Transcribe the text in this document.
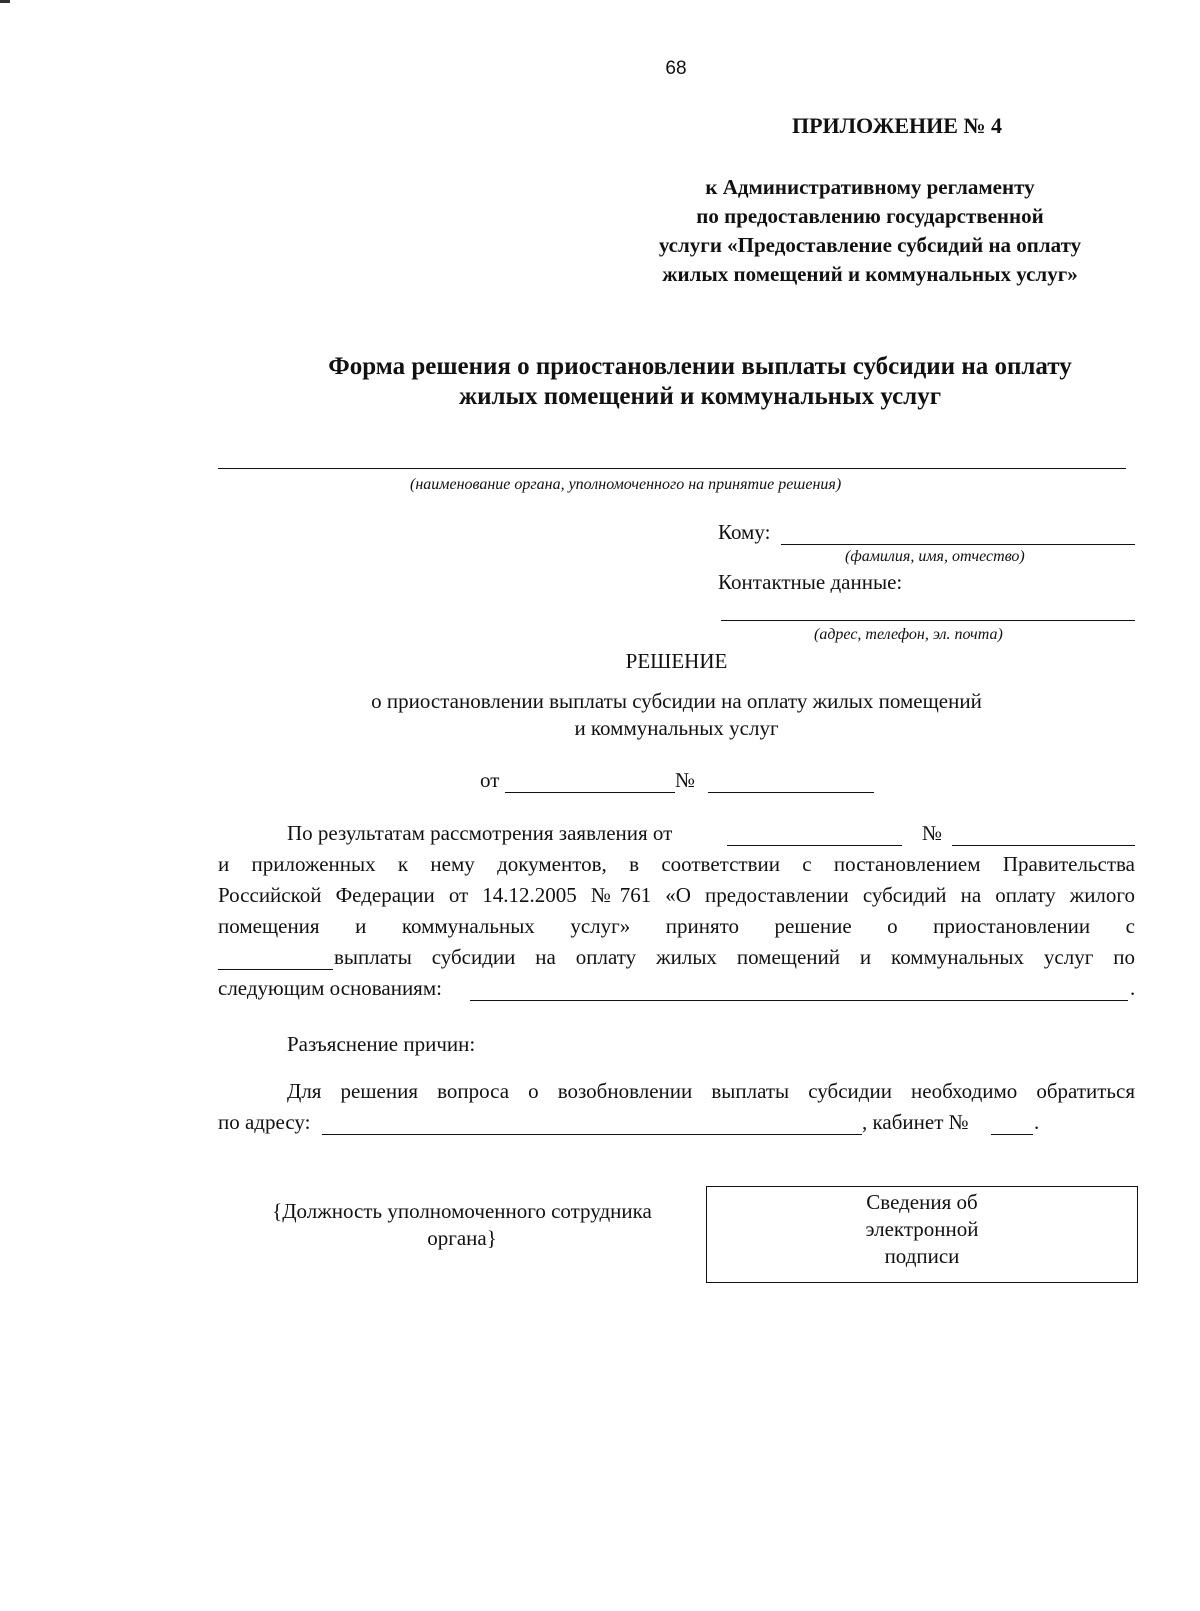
68
ПРИЛОЖЕНИЕ № 4
к Административному регламенту
по предоставлению государственной
услуги «Предоставление субсидий на оплату
жилых помещений и коммунальных услуг»
Форма решения о приостановлении выплаты субсидии на оплату
жилых помещений и коммунальных услуг
(наименование органа, уполномоченного на принятие решения)
Кому:
(фамилия, имя, отчество)
Контактные данные:
(адрес, телефон, эл. почта)
РЕШЕНИЕ
о приостановлении выплаты субсидии на оплату жилых помещений
и коммунальных услуг
от	№
По результатам рассмотрения заявления от	№
и приложенных к нему документов, в соответствии с постановлением Правительства
Российской Федерации от 14.12.2005 №761 «О предоставлении субсидий на оплату жилого
помещения и коммунальных услуг» принято решение о приостановлении с
выплаты субсидии на оплату жилых помещений и коммунальных услуг по
следующим основаниям:	.
Разъяснение причин:
Для решения вопроса о возобновлении выплаты субсидии необходимо обратиться
по адресу:	, кабинет №	.
{Должность уполномоченного сотрудника
органа}
Сведения об
электронной
подписи
